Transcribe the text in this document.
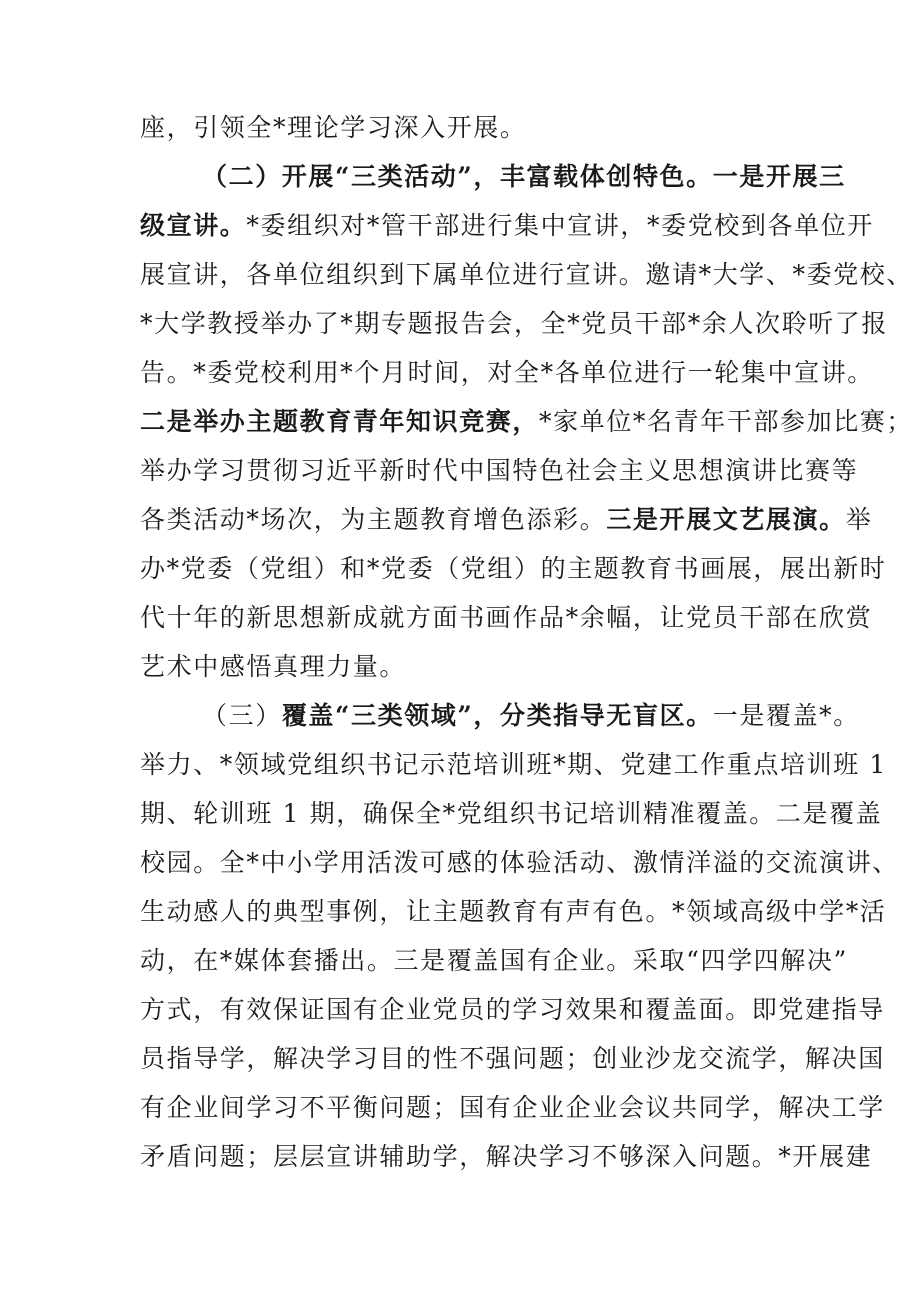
座，引领全*理论学习深入开展。
（二）开展“三类活动”，丰富载体创特色。一是开展三
级宣讲。*委组织对*管干部进行集中宣讲，*委党校到各单位开
展宣讲，各单位组织到下属单位进行宣讲。邀请*大学、*委党校、
*大学教授举办了*期专题报告会，全*党员干部*余人次聆听了报
告。*委党校利用*个月时间，对全*各单位进行一轮集中宣讲。
二是举办主题教育青年知识竞赛，*家单位*名青年干部参加比赛；
举办学习贯彻习近平新时代中国特色社会主义思想演讲比赛等
各类活动*场次，为主题教育增色添彩。三是开展文艺展演。举
办*党委（党组）和*党委（党组）的主题教育书画展，展出新时
代十年的新思想新成就方面书画作品*余幅，让党员干部在欣赏
艺术中感悟真理力量。
（三）覆盖“三类领域”，分类指导无盲区。一是覆盖*。
举力、*领域党组织书记示范培训班*期、党建工作重点培训班 1
期、轮训班 1 期，确保全*党组织书记培训精准覆盖。二是覆盖
校园。全*中小学用活泼可感的体验活动、激情洋溢的交流演讲、
生动感人的典型事例，让主题教育有声有色。*领域高级中学*活
动，在*媒体套播出。三是覆盖国有企业。采取“四学四解决”
方式，有效保证国有企业党员的学习效果和覆盖面。即党建指导
员指导学，解决学习目的性不强问题；创业沙龙交流学，解决国
有企业间学习不平衡问题；国有企业企业会议共同学，解决工学
矛盾问题；层层宣讲辅助学，解决学习不够深入问题。*开展建
